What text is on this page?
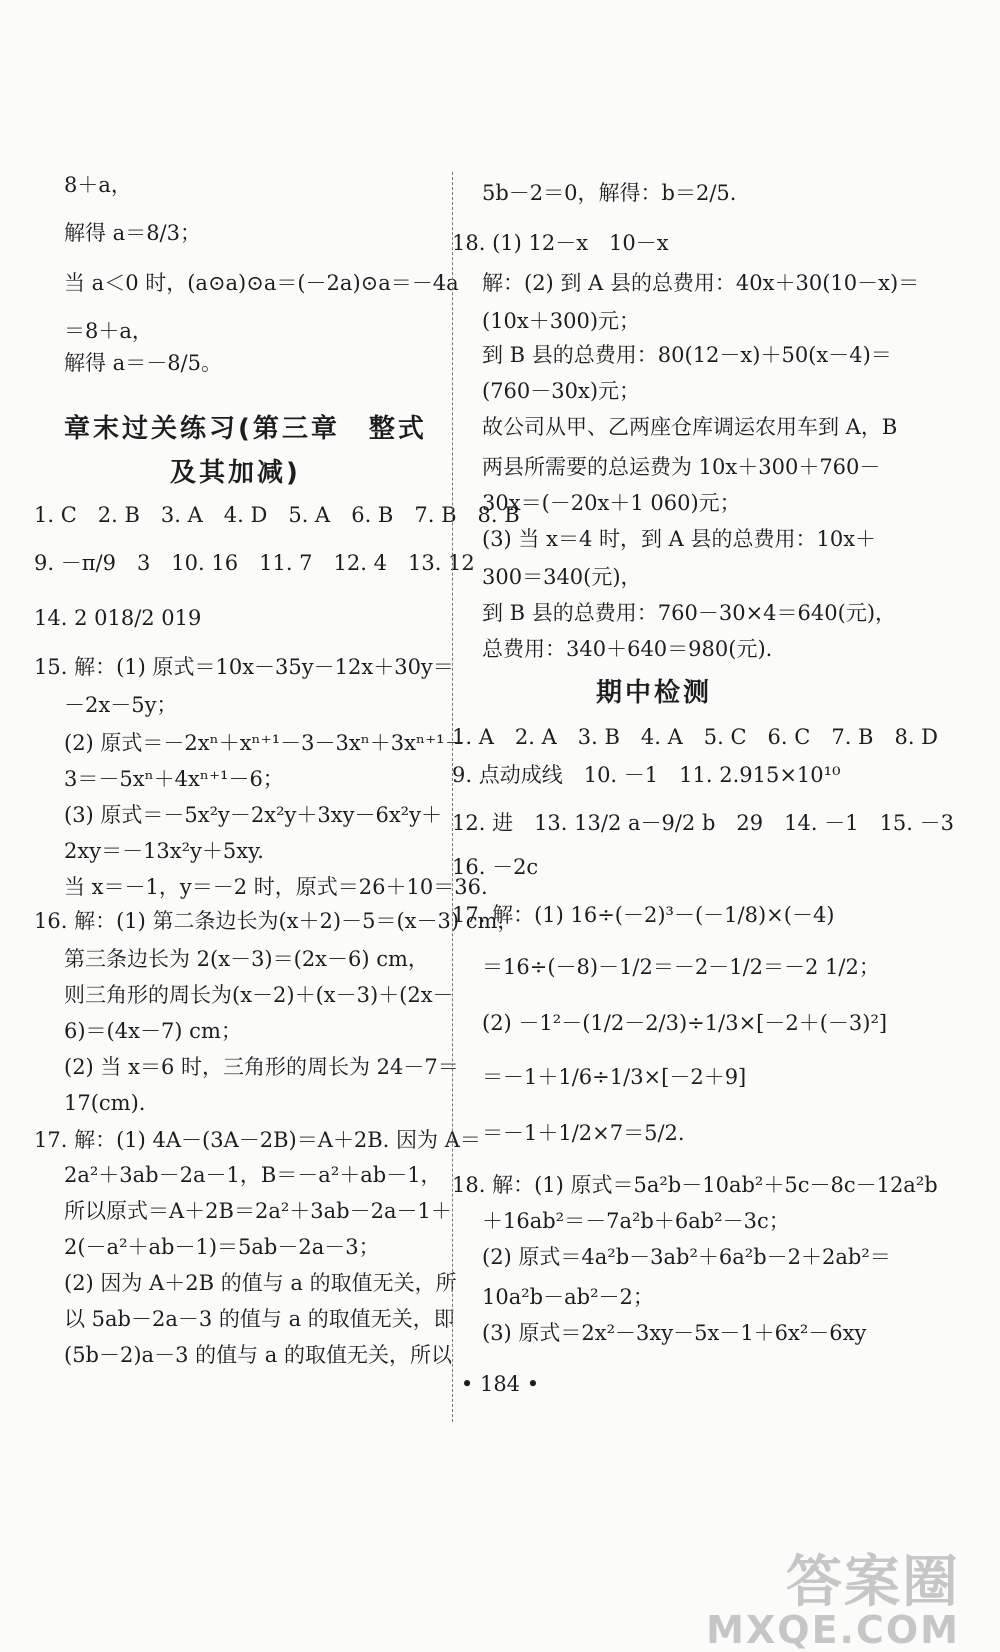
8＋a，
解得 a＝8/3；
当 a＜0 时，(a⊙a)⊙a＝(－2a)⊙a＝－4a
＝8＋a，
解得 a＝－8/5。
章末过关练习(第三章　整式
及其加减)
1. C　2. B　3. A　4. D　5. A　6. B　7. B　8. B
9. －π/9　3　10. 16　11. 7　12. 4　13. 12
14. 2 018/2 019
15. 解：(1) 原式＝10x－35y－12x＋30y＝
－2x－5y；
(2) 原式＝－2xⁿ＋xⁿ⁺¹－3－3xⁿ＋3xⁿ⁺¹－
3＝－5xⁿ＋4xⁿ⁺¹－6；
(3) 原式＝－5x²y－2x²y＋3xy－6x²y＋
2xy＝－13x²y＋5xy.
当 x＝－1，y＝－2 时，原式＝26＋10＝36.
16. 解：(1) 第二条边长为(x＋2)－5＝(x－3) cm，
第三条边长为 2(x－3)＝(2x－6) cm，
则三角形的周长为(x－2)＋(x－3)＋(2x－
6)＝(4x－7) cm；
(2) 当 x＝6 时，三角形的周长为 24－7＝
17(cm).
17. 解：(1) 4A－(3A－2B)＝A＋2B. 因为 A＝
2a²＋3ab－2a－1，B＝－a²＋ab－1，
所以原式＝A＋2B＝2a²＋3ab－2a－1＋
2(－a²＋ab－1)＝5ab－2a－3；
(2) 因为 A＋2B 的值与 a 的取值无关，所
以 5ab－2a－3 的值与 a 的取值无关，即
(5b－2)a－3 的值与 a 的取值无关，所以
5b－2＝0，解得：b＝2/5.
18. (1) 12－x　10－x
解：(2) 到 A 县的总费用：40x＋30(10－x)＝
(10x＋300)元；
到 B 县的总费用：80(12－x)＋50(x－4)＝
(760－30x)元；
故公司从甲、乙两座仓库调运农用车到 A，B
两县所需要的总运费为 10x＋300＋760－
30x＝(－20x＋1 060)元；
(3) 当 x＝4 时，到 A 县的总费用：10x＋
300＝340(元)，
到 B 县的总费用：760－30×4＝640(元)，
总费用：340＋640＝980(元).
期中检测
1. A　2. A　3. B　4. A　5. C　6. C　7. B　8. D
9. 点动成线　10. －1　11. 2.915×10¹⁰
12. 进　13. 13/2 a－9/2 b　29　14. －1　15. －3
16. －2c
17. 解：(1) 16÷(－2)³－(－1/8)×(－4)
＝16÷(－8)－1/2＝－2－1/2＝－2 1/2；
(2) －1²－(1/2－2/3)÷1/3×[－2＋(－3)²]
＝－1＋1/6÷1/3×[－2＋9]
＝－1＋1/2×7＝5/2.
18. 解：(1) 原式＝5a²b－10ab²＋5c－8c－12a²b
＋16ab²＝－7a²b＋6ab²－3c；
(2) 原式＝4a²b－3ab²＋6a²b－2＋2ab²＝
10a²b－ab²－2；
(3) 原式＝2x²－3xy－5x－1＋6x²－6xy
• 184 •
答案圈
MXQE.COM
